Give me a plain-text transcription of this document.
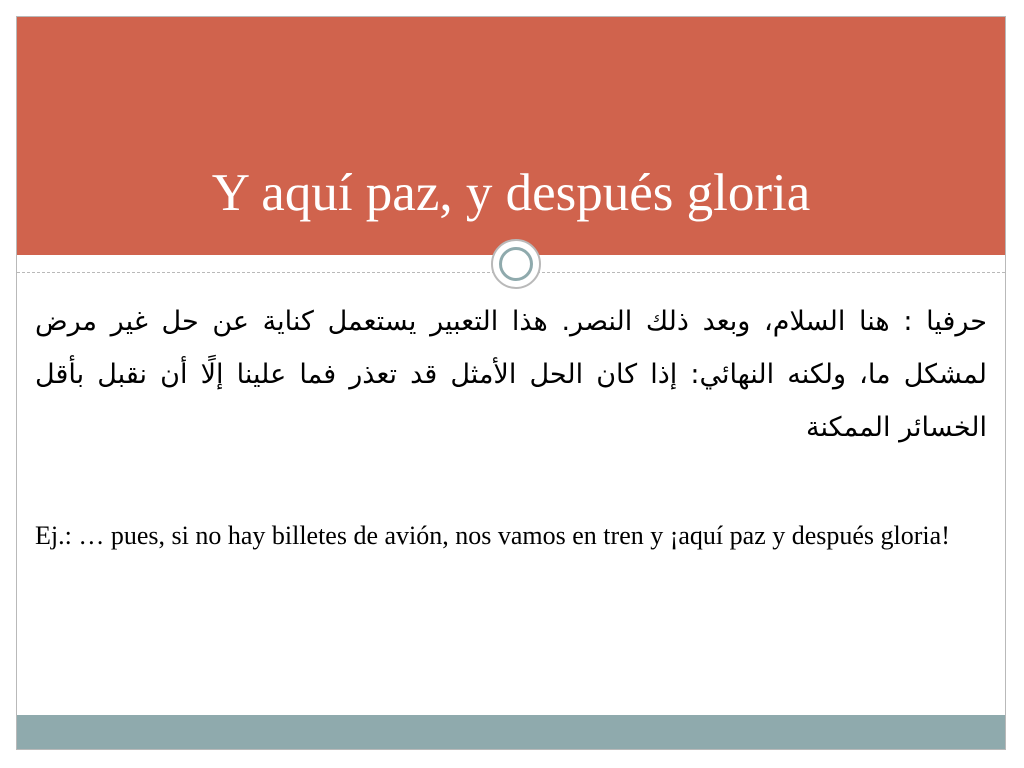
Y aquí paz, y después gloria

حرفيا : هنا السلام، وبعد ذلك النصر. هذا التعبير يستعمل كناية عن حل غير مرض لمشكل ما، ولكنه النهائي: إذا كان الحل الأمثل قد تعذر فما علينا إلًا أن نقبل بأقل الخسائر الممكنة

Ej.: … pues, si no hay billetes de avión, nos vamos en tren y ¡aquí paz y después gloria!
